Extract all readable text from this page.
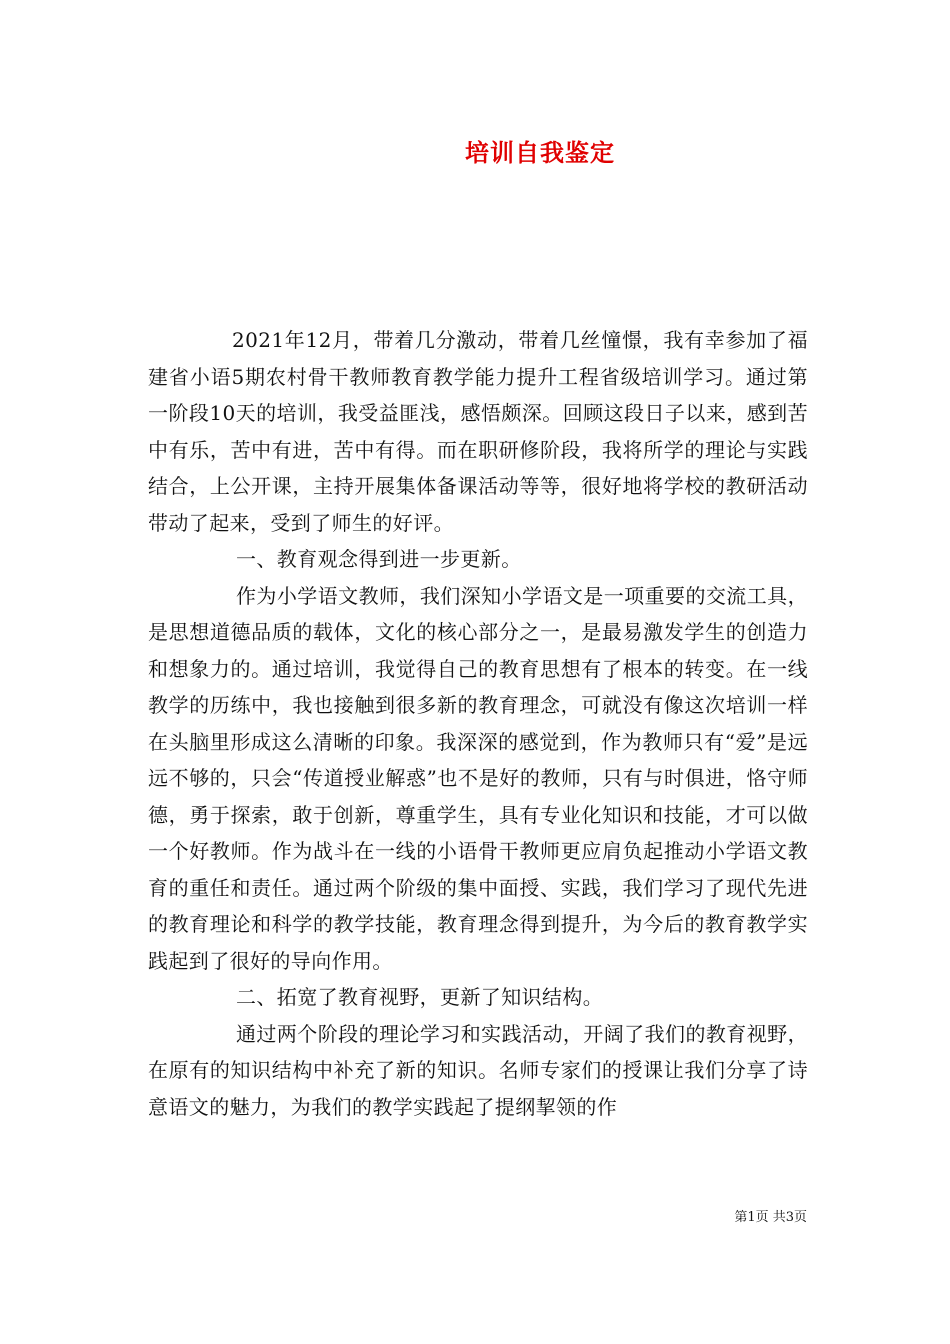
培训自我鉴定

2021年12月，带着几分激动，带着几丝憧憬，我有幸参加了福建省小语5期农村骨干教师教育教学能力提升工程省级培训学习。通过第一阶段10天的培训，我受益匪浅，感悟颇深。回顾这段日子以来，感到苦中有乐，苦中有进，苦中有得。而在职研修阶段，我将所学的理论与实践结合，上公开课，主持开展集体备课活动等等，很好地将学校的教研活动带动了起来，受到了师生的好评。

一、教育观念得到进一步更新。

作为小学语文教师，我们深知小学语文是一项重要的交流工具，是思想道德品质的载体，文化的核心部分之一，是最易激发学生的创造力和想象力的。通过培训，我觉得自己的教育思想有了根本的转变。在一线教学的历练中，我也接触到很多新的教育理念，可就没有像这次培训一样在头脑里形成这么清晰的印象。我深深的感觉到，作为教师只有“爱”是远远不够的，只会“传道授业解惑”也不是好的教师，只有与时俱进，恪守师德，勇于探索，敢于创新，尊重学生，具有专业化知识和技能，才可以做一个好教师。作为战斗在一线的小语骨干教师更应肩负起推动小学语文教育的重任和责任。通过两个阶级的集中面授、实践，我们学习了现代先进的教育理论和科学的教学技能，教育理念得到提升，为今后的教育教学实践起到了很好的导向作用。

二、拓宽了教育视野，更新了知识结构。

通过两个阶段的理论学习和实践活动，开阔了我们的教育视野，在原有的知识结构中补充了新的知识。名师专家们的授课让我们分享了诗意语文的魅力，为我们的教学实践起了提纲挈领的作

第1页 共3页
